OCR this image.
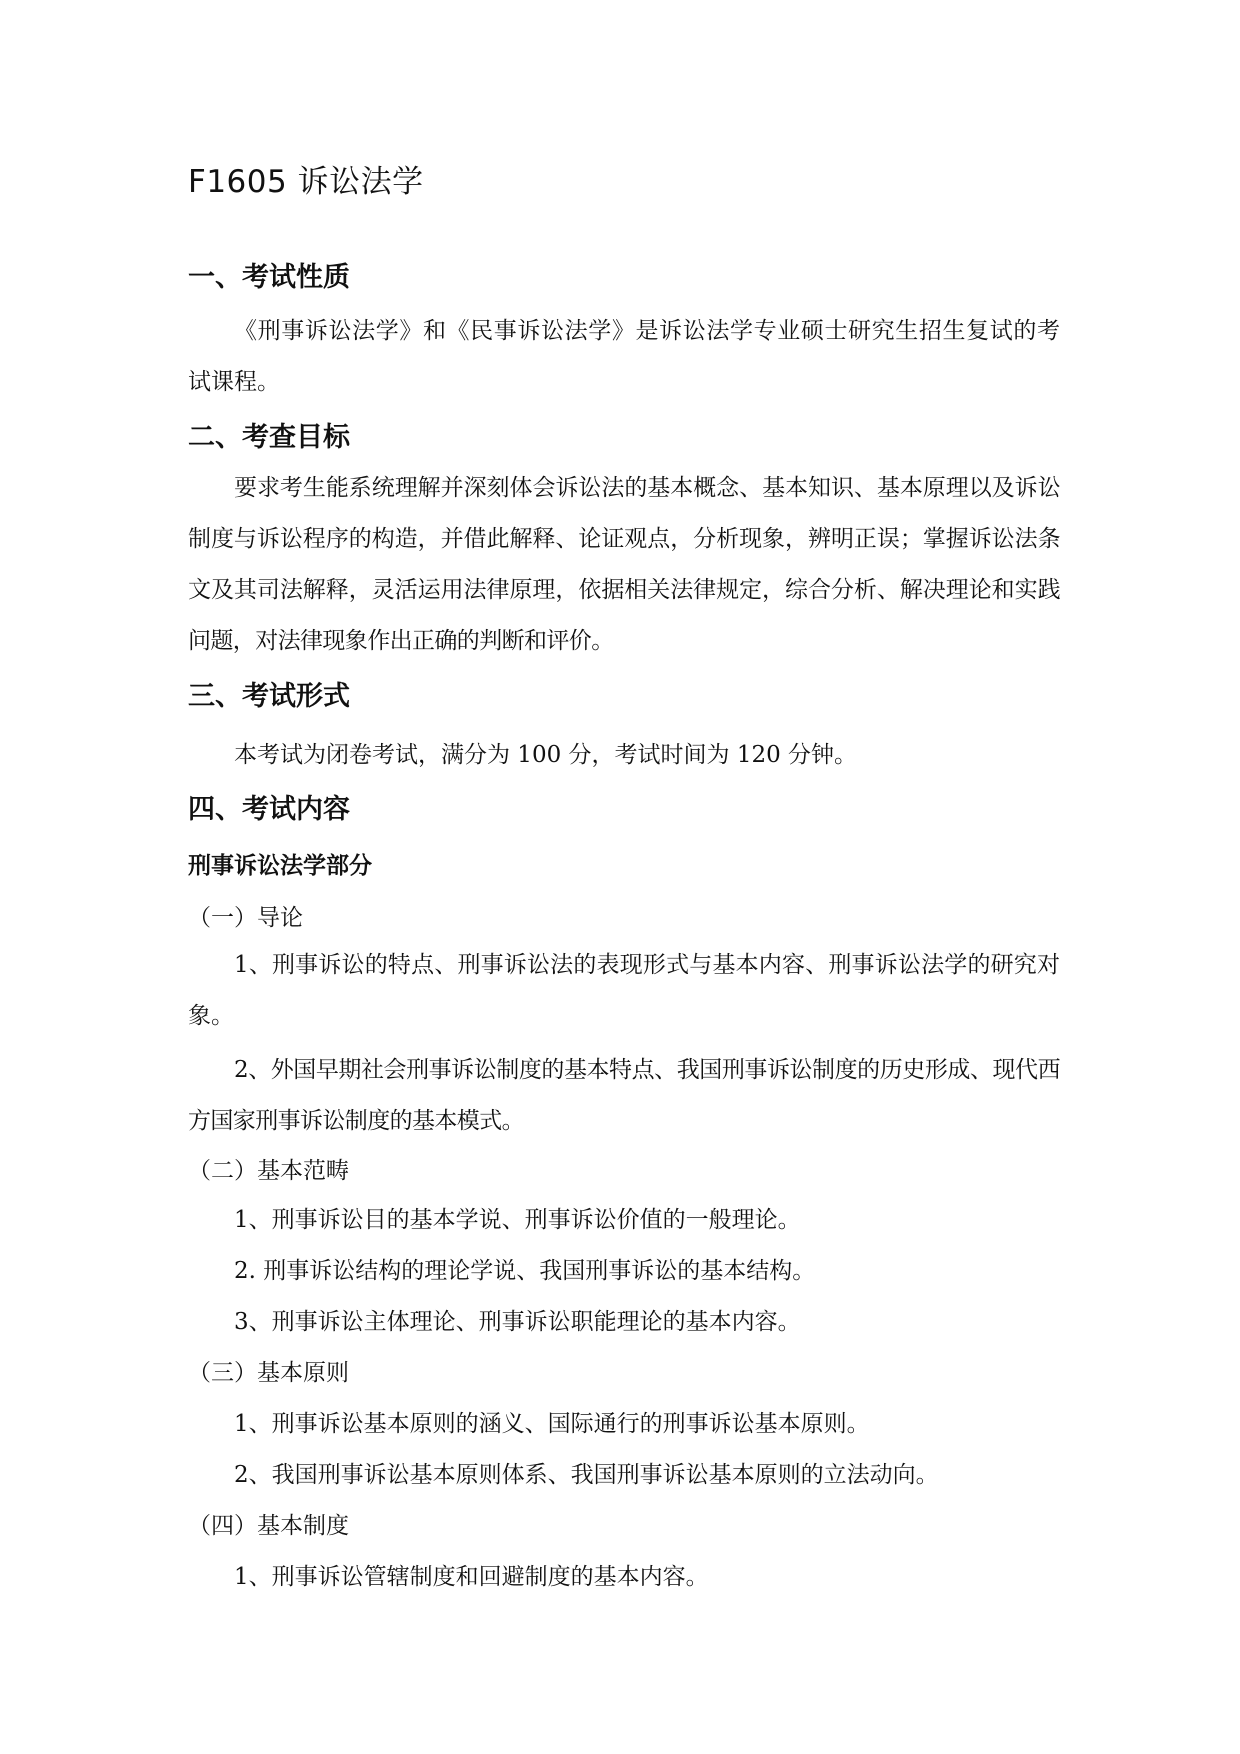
F1605 诉讼法学
一、考试性质

《刑事诉讼法学》和《民事诉讼法学》是诉讼法学专业硕士研究生招生复试的考试课程。

二、考查目标

要求考生能系统理解并深刻体会诉讼法的基本概念、基本知识、基本原理以及诉讼制度与诉讼程序的构造，并借此解释、论证观点，分析现象，辨明正误；掌握诉讼法条文及其司法解释，灵活运用法律原理，依据相关法律规定，综合分析、解决理论和实践问题，对法律现象作出正确的判断和评价。

三、考试形式

本考试为闭卷考试，满分为 100 分，考试时间为 120 分钟。

四、考试内容

刑事诉讼法学部分

（一）导论

1、刑事诉讼的特点、刑事诉讼法的表现形式与基本内容、刑事诉讼法学的研究对象。

2、外国早期社会刑事诉讼制度的基本特点、我国刑事诉讼制度的历史形成、现代西方国家刑事诉讼制度的基本模式。

（二）基本范畴

1、刑事诉讼目的基本学说、刑事诉讼价值的一般理论。

2. 刑事诉讼结构的理论学说、我国刑事诉讼的基本结构。

3、刑事诉讼主体理论、刑事诉讼职能理论的基本内容。

（三）基本原则

1、刑事诉讼基本原则的涵义、国际通行的刑事诉讼基本原则。

2、我国刑事诉讼基本原则体系、我国刑事诉讼基本原则的立法动向。

（四）基本制度

1、刑事诉讼管辖制度和回避制度的基本内容。
